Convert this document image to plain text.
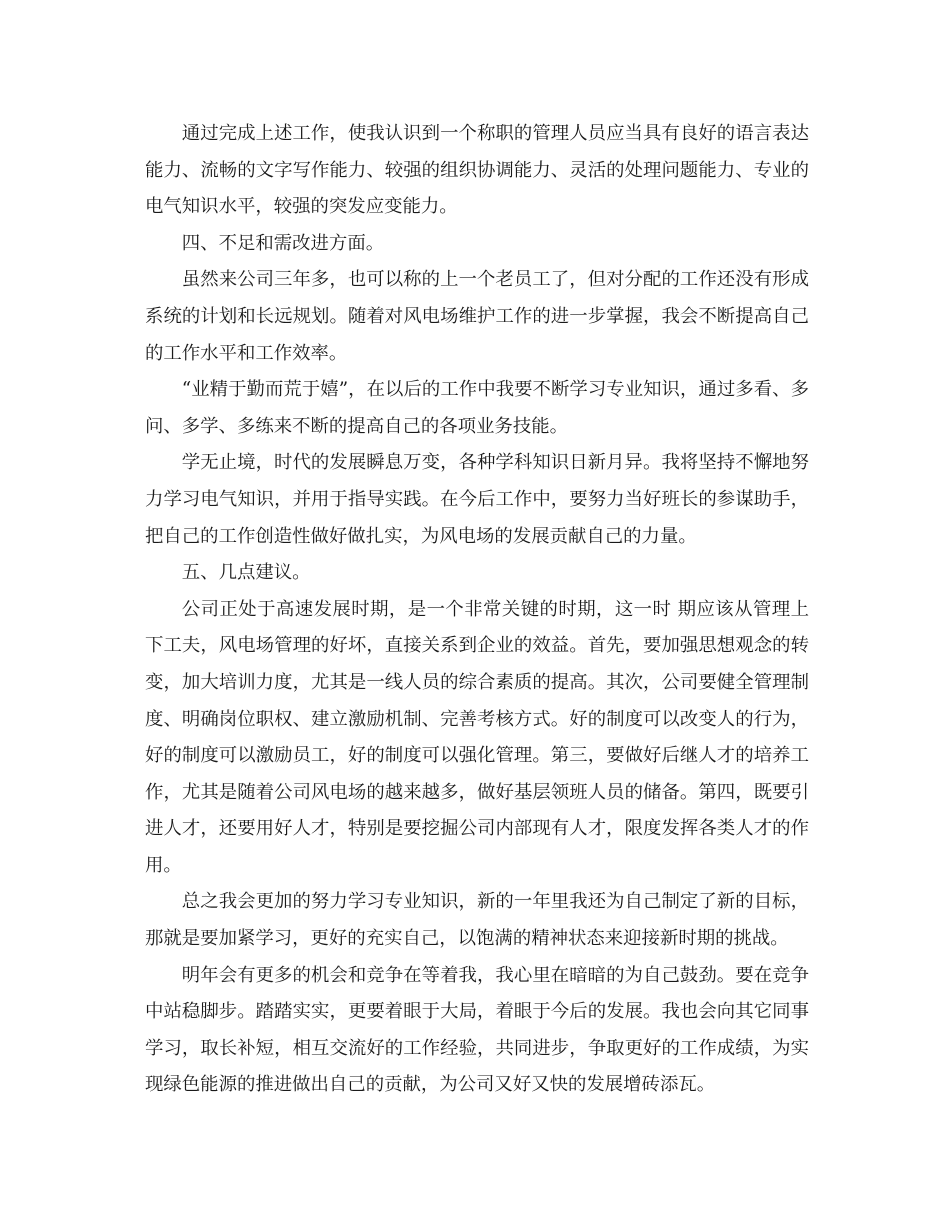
通过完成上述工作，使我认识到一个称职的管理人员应当具有良好的语言表达能力、流畅的文字写作能力、较强的组织协调能力、灵活的处理问题能力、专业的电气知识水平，较强的突发应变能力。

四、不足和需改进方面。

虽然来公司三年多，也可以称的上一个老员工了，但对分配的工作还没有形成系统的计划和长远规划。随着对风电场维护工作的进一步掌握，我会不断提高自己的工作水平和工作效率。

“业精于勤而荒于嬉”，在以后的工作中我要不断学习专业知识，通过多看、多问、多学、多练来不断的提高自己的各项业务技能。

学无止境，时代的发展瞬息万变，各种学科知识日新月异。我将坚持不懈地努力学习电气知识，并用于指导实践。在今后工作中，要努力当好班长的参谋助手，把自己的工作创造性做好做扎实，为风电场的发展贡献自己的力量。

五、几点建议。

公司正处于高速发展时期，是一个非常关键的时期，这一时 期应该从管理上下工夫，风电场管理的好坏，直接关系到企业的效益。首先，要加强思想观念的转变，加大培训力度，尤其是一线人员的综合素质的提高。其次，公司要健全管理制度、明确岗位职权、建立激励机制、完善考核方式。好的制度可以改变人的行为，好的制度可以激励员工，好的制度可以强化管理。第三，要做好后继人才的培养工作，尤其是随着公司风电场的越来越多，做好基层领班人员的储备。第四，既要引进人才，还要用好人才，特别是要挖掘公司内部现有人才，限度发挥各类人才的作用。

总之我会更加的努力学习专业知识，新的一年里我还为自己制定了新的目标，那就是要加紧学习，更好的充实自己，以饱满的精神状态来迎接新时期的挑战。

明年会有更多的机会和竞争在等着我，我心里在暗暗的为自己鼓劲。要在竞争中站稳脚步。踏踏实实，更要着眼于大局，着眼于今后的发展。我也会向其它同事学习，取长补短，相互交流好的工作经验，共同进步，争取更好的工作成绩，为实现绿色能源的推进做出自己的贡献，为公司又好又快的发展增砖添瓦。
